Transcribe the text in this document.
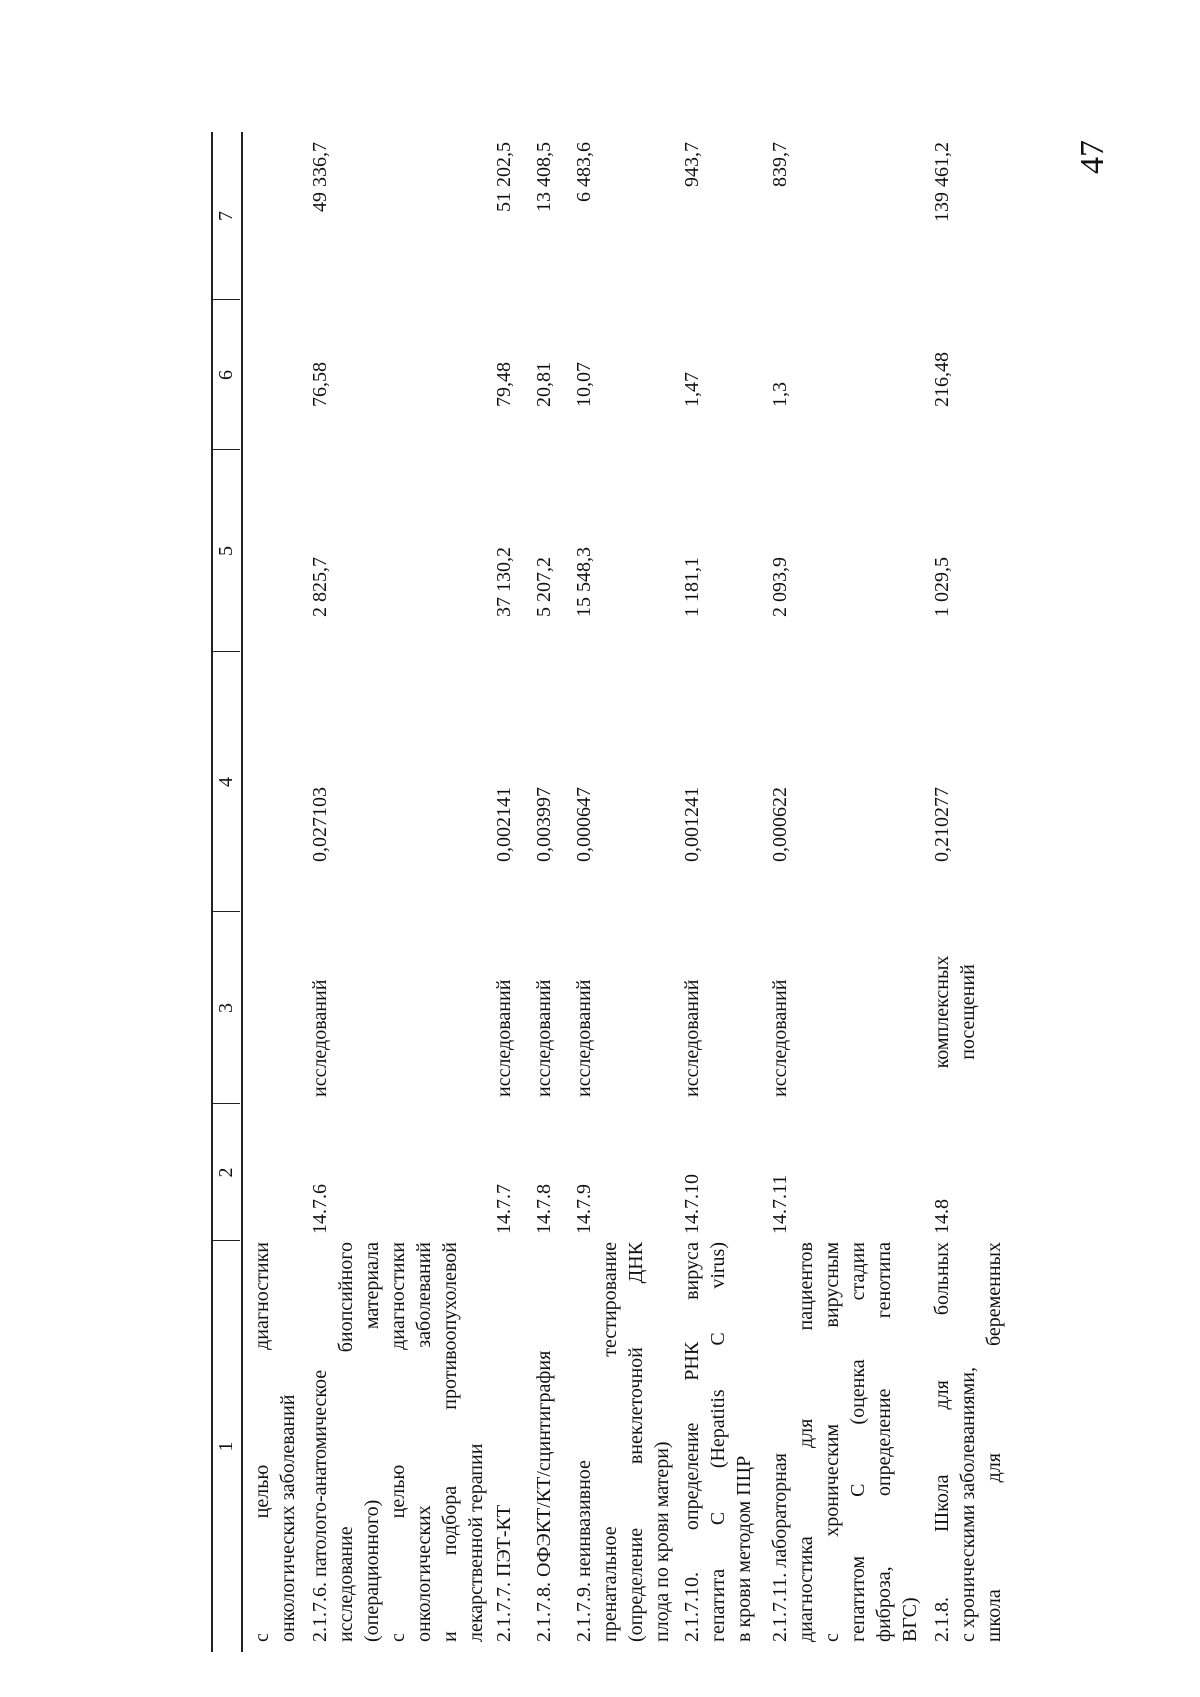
47
1
2
3
4
5
6
7
с целью диагностики онкологических заболеваний 2.1.7.6. патолого-анатомическое исследование биопсийного (операционного) материала с целью диагностики онкологических заболеваний и подбора противоопухолевой лекарственной терапии
14.7.6
исследований
0,027103
2 825,7
76,58
49 336,7
2.1.7.7. ПЭТ-КТ
14.7.7
исследований
0,002141
37 130,2
79,48
51 202,5
2.1.7.8. ОФЭКТ/КТ/сцинтиграфия
14.7.8
исследований
0,003997
5 207,2
20,81
13 408,5
2.1.7.9. неинвазивное пренатальное тестирование (определение внеклеточной ДНК плода по крови матери)
14.7.9
исследований
0,000647
15 548,3
10,07
6 483,6
2.1.7.10. определение РНК вируса гепатита С (Hepatitis C virus) в крови методом ПЦР
14.7.10
исследований
0,001241
1 181,1
1,47
943,7
2.1.7.11. лабораторная диагностика для пациентов с хроническим вирусным гепатитом С (оценка стадии фиброза, определение генотипа ВГС)
14.7.11
исследований
0,000622
2 093,9
1,3
839,7
2.1.8. Школа для больных с хроническими заболеваниями, школа для беременных
14.8
комплексных посещений
0,210277
1 029,5
216,48
139 461,2
